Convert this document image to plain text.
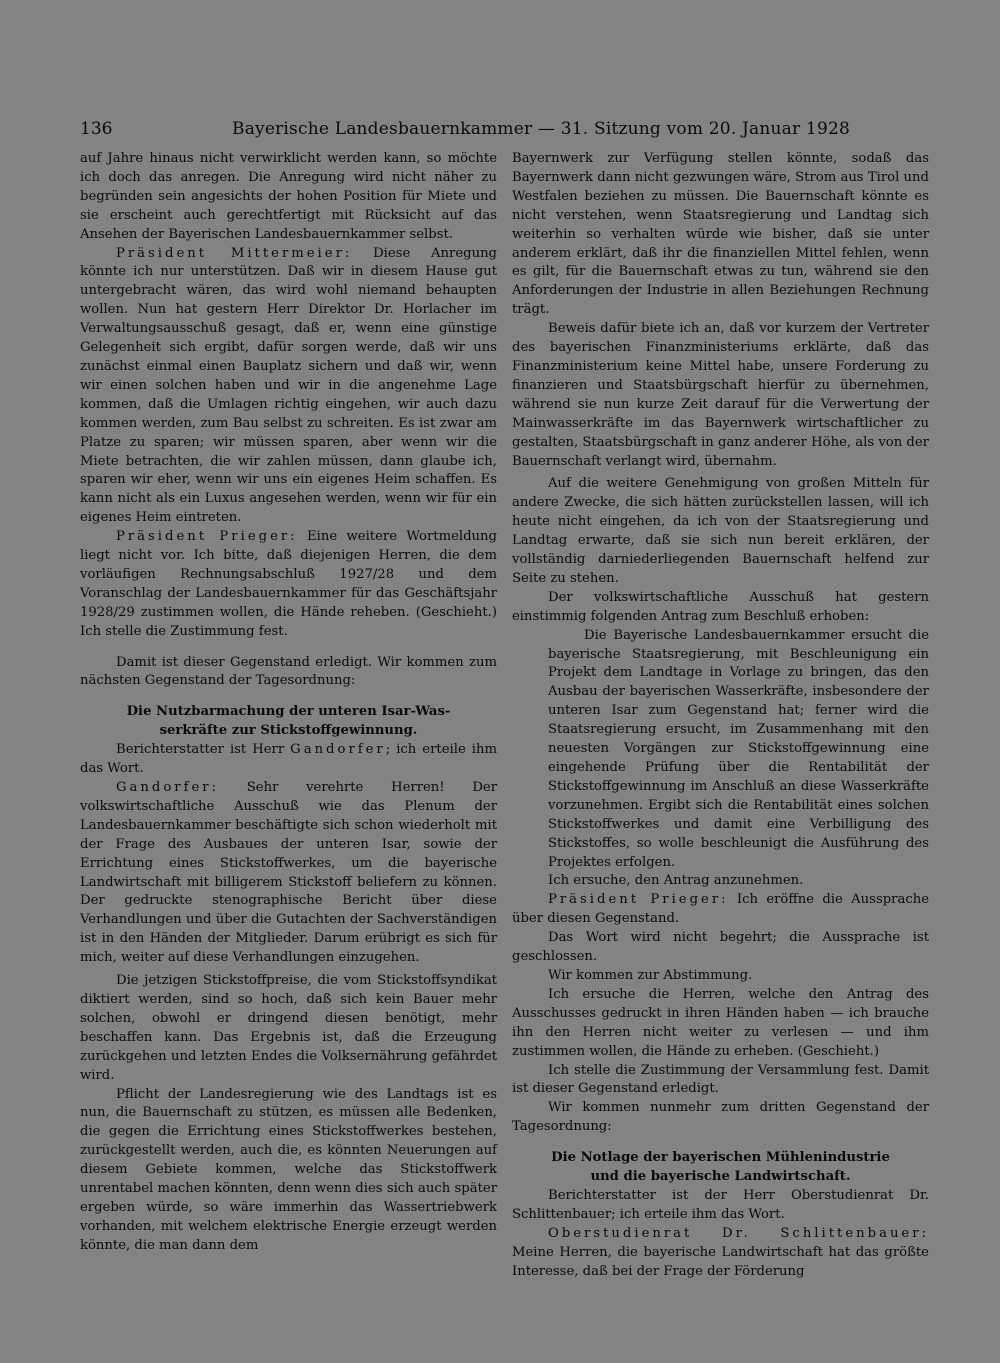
136	Bayerische Landesbauernkammer — 31. Sitzung vom 20. Januar 1928

auf Jahre hinaus nicht verwirklicht werden kann, so möchte ich doch das anregen. Die Anregung wird nicht näher zu begründen sein angesichts der hohen Position für Miete und sie erscheint auch gerechtfertigt mit Rücksicht auf das Ansehen der Bayerischen Landesbauernkammer selbst.

Präsident Mittermeier: Diese Anregung könnte ich nur unterstützen. Daß wir in diesem Hause gut untergebracht wären, das wird wohl niemand behaupten wollen. Nun hat gestern Herr Direktor Dr. Horlacher im Verwaltungsausschuß gesagt, daß er, wenn eine günstige Gelegenheit sich ergibt, dafür sorgen werde, daß wir uns zunächst einmal einen Bauplatz sichern und daß wir, wenn wir einen solchen haben und wir in die angenehme Lage kommen, daß die Umlagen richtig eingehen, wir auch dazu kommen werden, zum Bau selbst zu schreiten. Es ist zwar am Platze zu sparen; wir müssen sparen, aber wenn wir die Miete betrachten, die wir zahlen müssen, dann glaube ich, sparen wir eher, wenn wir uns ein eigenes Heim schaffen. Es kann nicht als ein Luxus angesehen werden, wenn wir für ein eigenes Heim eintreten.

Präsident Prieger: Eine weitere Wortmeldung liegt nicht vor. Ich bitte, daß diejenigen Herren, die dem vorläufigen Rechnungsabschluß 1927/28 und dem Voranschlag der Landesbauernkammer für das Geschäftsjahr 1928/29 zustimmen wollen, die Hände reheben. (Geschieht.) Ich stelle die Zustimmung fest.

Damit ist dieser Gegenstand erledigt. Wir kommen zum nächsten Gegenstand der Tagesordnung:

Die Nutzbarmachung der unteren Isar-Was-

serkräfte zur Stickstoffgewinnung.

Berichterstatter ist Herr Gandorfer; ich erteile ihm das Wort.

Gandorfer: Sehr verehrte Herren! Der volkswirtschaftliche Ausschuß wie das Plenum der Landesbauernkammer beschäftigte sich schon wiederholt mit der Frage des Ausbaues der unteren Isar, sowie der Errichtung eines Stickstoffwerkes, um die bayerische Landwirtschaft mit billigerem Stickstoff beliefern zu können. Der gedruckte stenographische Bericht über diese Verhandlungen und über die Gutachten der Sachverständigen ist in den Händen der Mitglieder. Darum erübrigt es sich für mich, weiter auf diese Verhandlungen einzugehen.

Die jetzigen Stickstoffpreise, die vom Stickstoffsyndikat diktiert werden, sind so hoch, daß sich kein Bauer mehr solchen, obwohl er dringend diesen benötigt, mehr beschaffen kann. Das Ergebnis ist, daß die Erzeugung zurückgehen und letzten Endes die Volksernährung gefährdet wird.

Pflicht der Landesregierung wie des Landtags ist es nun, die Bauernschaft zu stützen, es müssen alle Bedenken, die gegen die Errichtung eines Stickstoffwerkes bestehen, zurückgestellt werden, auch die, es könnten Neuerungen auf diesem Gebiete kommen, welche das Stickstoffwerk unrentabel machen könnten, denn wenn dies sich auch später ergeben würde, so wäre immerhin das Wassertriebwerk vorhanden, mit welchem elektrische Energie erzeugt werden könnte, die man dann dem

Bayernwerk zur Verfügung stellen könnte, sodaß das Bayernwerk dann nicht gezwungen wäre, Strom aus Tirol und Westfalen beziehen zu müssen. Die Bauernschaft könnte es nicht verstehen, wenn Staatsregierung und Landtag sich weiterhin so verhalten würde wie bisher, daß sie unter anderem erklärt, daß ihr die finanziellen Mittel fehlen, wenn es gilt, für die Bauernschaft etwas zu tun, während sie den Anforderungen der Industrie in allen Beziehungen Rechnung trägt.

Beweis dafür biete ich an, daß vor kurzem der Vertreter des bayerischen Finanzministeriums erklärte, daß das Finanzministerium keine Mittel habe, unsere Forderung zu finanzieren und Staatsbürgschaft hierfür zu übernehmen, während sie nun kurze Zeit darauf für die Verwertung der Mainwasserkräfte im das Bayernwerk wirtschaftlicher zu gestalten, Staatsbürgschaft in ganz anderer Höhe, als von der Bauernschaft verlangt wird, übernahm.

Auf die weitere Genehmigung von großen Mitteln für andere Zwecke, die sich hätten zurückstellen lassen, will ich heute nicht eingehen, da ich von der Staatsregierung und Landtag erwarte, daß sie sich nun bereit erklären, der vollständig darniederliegenden Bauernschaft helfend zur Seite zu stehen.

Der volkswirtschaftliche Ausschuß hat gestern einstimmig folgenden Antrag zum Beschluß erhoben:

Die Bayerische Landesbauernkammer ersucht die bayerische Staatsregierung, mit Beschleunigung ein Projekt dem Landtage in Vorlage zu bringen, das den Ausbau der bayerischen Wasserkräfte, insbesondere der unteren Isar zum Gegenstand hat; ferner wird die Staatsregierung ersucht, im Zusammenhang mit den neuesten Vorgängen zur Stickstoffgewinnung eine eingehende Prüfung über die Rentabilität der Stickstoffgewinnung im Anschluß an diese Wasserkräfte vorzunehmen. Ergibt sich die Rentabilität eines solchen Stickstoffwerkes und damit eine Verbilligung des Stickstoffes, so wolle beschleunigt die Ausführung des Projektes erfolgen.

Ich ersuche, den Antrag anzunehmen.

Präsident Prieger: Ich eröffne die Aussprache über diesen Gegenstand.

Das Wort wird nicht begehrt; die Aussprache ist geschlossen.

Wir kommen zur Abstimmung.

Ich ersuche die Herren, welche den Antrag des Ausschusses gedruckt in ihren Händen haben — ich brauche ihn den Herren nicht weiter zu verlesen — und ihm zustimmen wollen, die Hände zu erheben. (Geschieht.)

Ich stelle die Zustimmung der Versammlung fest. Damit ist dieser Gegenstand erledigt.

Wir kommen nunmehr zum dritten Gegenstand der Tagesordnung:

Die Notlage der bayerischen Mühlenindustrie

und die bayerische Landwirtschaft.

Berichterstatter ist der Herr Oberstudienrat Dr. Schlittenbauer; ich erteile ihm das Wort.

Oberstudienrat Dr. Schlittenbauer: Meine Herren, die bayerische Landwirtschaft hat das größte Interesse, daß bei der Frage der Förderung
